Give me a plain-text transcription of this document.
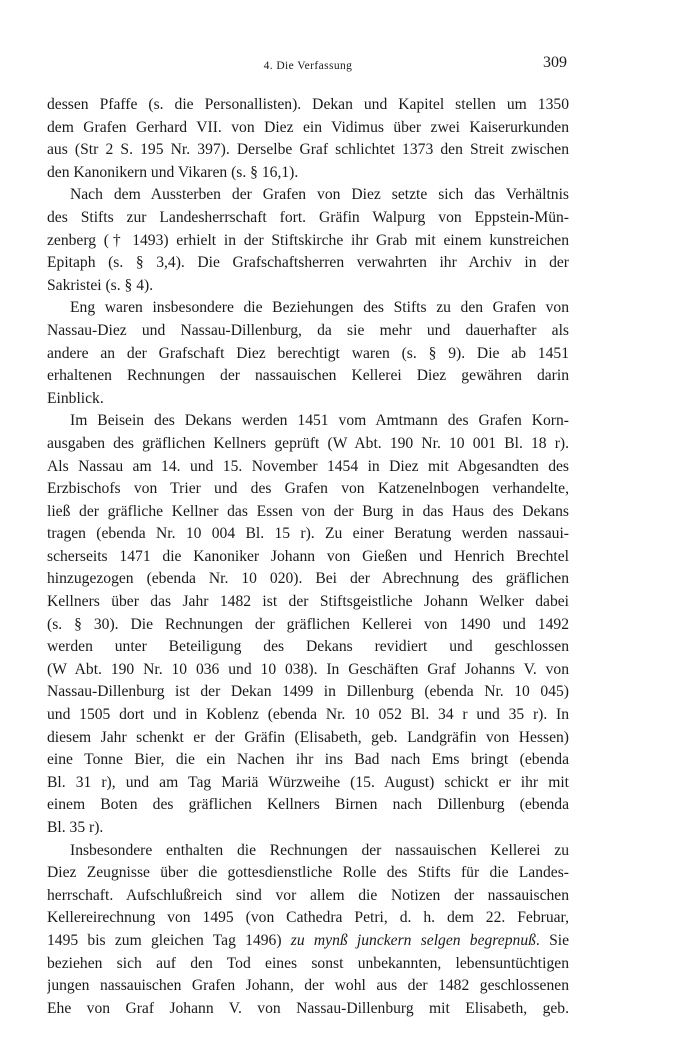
4. Die Verfassung	309
dessen Pfaffe (s. die Personallisten). Dekan und Kapitel stellen um 1350
dem Grafen Gerhard VII. von Diez ein Vidimus über zwei Kaiserurkunden
aus (Str 2 S. 195 Nr. 397). Derselbe Graf schlichtet 1373 den Streit zwischen
den Kanonikern und Vikaren (s. § 16,1).
Nach dem Aussterben der Grafen von Diez setzte sich das Verhältnis
des Stifts zur Landesherrschaft fort. Gräfin Walpurg von Eppstein-Mün-
zenberg († 1493) erhielt in der Stiftskirche ihr Grab mit einem kunstreichen
Epitaph (s. § 3,4). Die Grafschaftsherren verwahrten ihr Archiv in der
Sakristei (s. § 4).
Eng waren insbesondere die Beziehungen des Stifts zu den Grafen von
Nassau-Diez und Nassau-Dillenburg, da sie mehr und dauerhafter als
andere an der Grafschaft Diez berechtigt waren (s. § 9). Die ab 1451
erhaltenen Rechnungen der nassauischen Kellerei Diez gewähren darin
Einblick.
Im Beisein des Dekans werden 1451 vom Amtmann des Grafen Korn-
ausgaben des gräflichen Kellners geprüft (W Abt. 190 Nr. 10 001 Bl. 18 r).
Als Nassau am 14. und 15. November 1454 in Diez mit Abgesandten des
Erzbischofs von Trier und des Grafen von Katzenelnbogen verhandelte,
ließ der gräfliche Kellner das Essen von der Burg in das Haus des Dekans
tragen (ebenda Nr. 10 004 Bl. 15 r). Zu einer Beratung werden nassaui-
scherseits 1471 die Kanoniker Johann von Gießen und Henrich Brechtel
hinzugezogen (ebenda Nr. 10 020). Bei der Abrechnung des gräflichen
Kellners über das Jahr 1482 ist der Stiftsgeistliche Johann Welker dabei
(s. § 30). Die Rechnungen der gräflichen Kellerei von 1490 und 1492
werden unter Beteiligung des Dekans revidiert und geschlossen
(W Abt. 190 Nr. 10 036 und 10 038). In Geschäften Graf Johanns V. von
Nassau-Dillenburg ist der Dekan 1499 in Dillenburg (ebenda Nr. 10 045)
und 1505 dort und in Koblenz (ebenda Nr. 10 052 Bl. 34 r und 35 r). In
diesem Jahr schenkt er der Gräfin (Elisabeth, geb. Landgräfin von Hessen)
eine Tonne Bier, die ein Nachen ihr ins Bad nach Ems bringt (ebenda
Bl. 31 r), und am Tag Mariä Würzweihe (15. August) schickt er ihr mit
einem Boten des gräflichen Kellners Birnen nach Dillenburg (ebenda
Bl. 35 r).
Insbesondere enthalten die Rechnungen der nassauischen Kellerei zu
Diez Zeugnisse über die gottesdienstliche Rolle des Stifts für die Landes-
herrschaft. Aufschlußreich sind vor allem die Notizen der nassauischen
Kellereirechnung von 1495 (von Cathedra Petri, d. h. dem 22. Februar,
1495 bis zum gleichen Tag 1496) zu mynß junckern selgen begrepnuß. Sie
beziehen sich auf den Tod eines sonst unbekannten, lebensuntüchtigen
jungen nassauischen Grafen Johann, der wohl aus der 1482 geschlossenen
Ehe von Graf Johann V. von Nassau-Dillenburg mit Elisabeth, geb.
